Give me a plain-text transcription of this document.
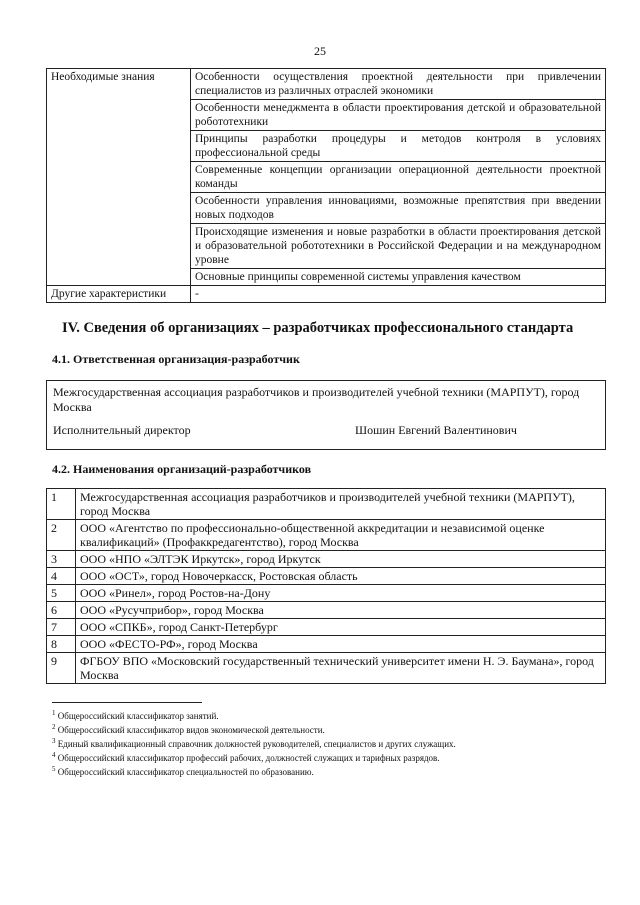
25
Необходимые знания	Особенности осуществления проектной деятельности при привлечении специалистов из различных отраслей экономики
	Особенности менеджмента в области проектирования детской и образовательной робототехники
	Принципы разработки процедуры и методов контроля в условиях профессиональной среды
	Современные концепции организации операционной деятельности проектной команды
	Особенности управления инновациями, возможные препятствия при введении новых подходов
	Происходящие изменения и новые разработки в области проектирования детской и образовательной робототехники в Российской Федерации и на международном уровне
	Основные принципы современной системы управления качеством
Другие характеристики	-
IV. Сведения об организациях – разработчиках профессионального стандарта
4.1. Ответственная организация-разработчик
Межгосударственная ассоциация разработчиков и производителей учебной техники (МАРПУТ), город Москва
Исполнительный директор	Шошин Евгений Валентинович
4.2. Наименования организаций-разработчиков
1	Межгосударственная ассоциация разработчиков и производителей учебной техники (МАРПУТ), город Москва
2	ООО «Агентство по профессионально-общественной аккредитации и независимой оценке квалификаций» (Профаккредагентство), город Москва
3	ООО «НПО «ЭЛТЭК Иркутск», город Иркутск
4	ООО «ОСТ», город Новочеркасск, Ростовская область
5	ООО «Ринел», город Ростов-на-Дону
6	ООО «Русучприбор», город Москва
7	ООО «СПКБ», город Санкт-Петербург
8	ООО «ФЕСТО-РФ», город Москва
9	ФГБОУ ВПО «Московский государственный технический университет имени Н. Э. Баумана», город Москва
$^1$ Общероссийский классификатор занятий.
$^2$ Общероссийский классификатор видов экономической деятельности.
$^3$ Единый квалификационный справочник должностей руководителей, специалистов и других служащих.
$^4$ Общероссийский классификатор профессий рабочих, должностей служащих и тарифных разрядов.
$^5$ Общероссийский классификатор специальностей по образованию.
